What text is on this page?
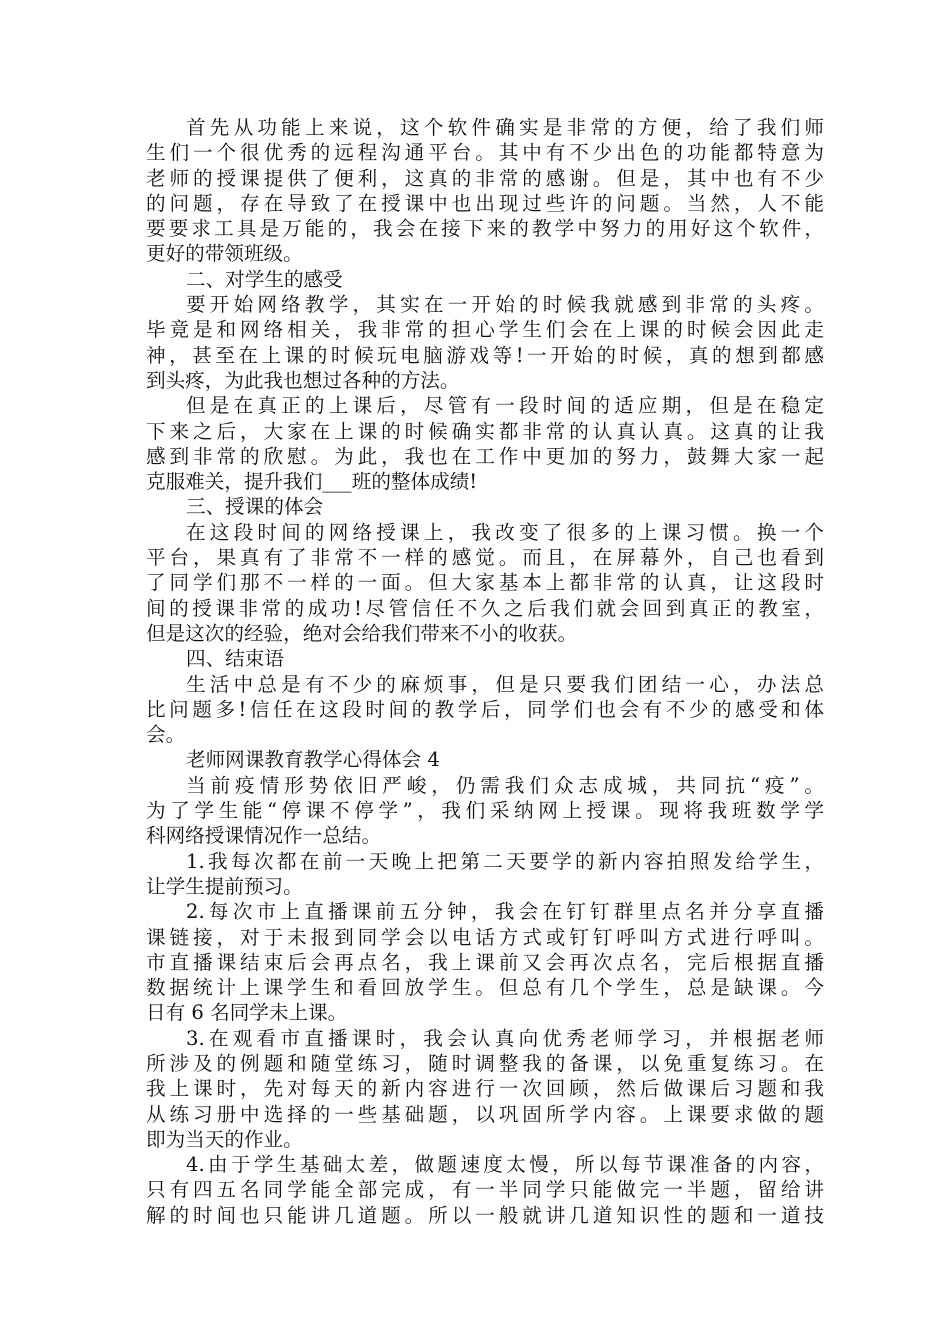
首先从功能上来说，这个软件确实是非常的方便，给了我们师
生们一个很优秀的远程沟通平台。其中有不少出色的功能都特意为
老师的授课提供了便利，这真的非常的感谢。但是，其中也有不少
的问题，存在导致了在授课中也出现过些许的问题。当然，人不能
要要求工具是万能的，我会在接下来的教学中努力的用好这个软件，
更好的带领班级。
二、对学生的感受
要开始网络教学，其实在一开始的时候我就感到非常的头疼。
毕竟是和网络相关，我非常的担心学生们会在上课的时候会因此走
神，甚至在上课的时候玩电脑游戏等!一开始的时候，真的想到都感
到头疼，为此我也想过各种的方法。
但是在真正的上课后，尽管有一段时间的适应期，但是在稳定
下来之后，大家在上课的时候确实都非常的认真认真。这真的让我
感到非常的欣慰。为此，我也在工作中更加的努力，鼓舞大家一起
克服难关，提升我们___班的整体成绩!
三、授课的体会
在这段时间的网络授课上，我改变了很多的上课习惯。换一个
平台，果真有了非常不一样的感觉。而且，在屏幕外，自己也看到
了同学们那不一样的一面。但大家基本上都非常的认真，让这段时
间的授课非常的成功!尽管信任不久之后我们就会回到真正的教室，
但是这次的经验，绝对会给我们带来不小的收获。
四、结束语
生活中总是有不少的麻烦事，但是只要我们团结一心，办法总
比问题多!信任在这段时间的教学后，同学们也会有不少的感受和体
会。
老师网课教育教学心得体会 4
当前疫情形势依旧严峻，仍需我们众志成城，共同抗“疫”。
为了学生能“停课不停学”，我们采纳网上授课。现将我班数学学
科网络授课情况作一总结。
1.我每次都在前一天晚上把第二天要学的新内容拍照发给学生，
让学生提前预习。
2.每次市上直播课前五分钟，我会在钉钉群里点名并分享直播
课链接，对于未报到同学会以电话方式或钉钉呼叫方式进行呼叫。
市直播课结束后会再点名，我上课前又会再次点名，完后根据直播
数据统计上课学生和看回放学生。但总有几个学生，总是缺课。今
日有 6 名同学未上课。
3.在观看市直播课时，我会认真向优秀老师学习，并根据老师
所涉及的例题和随堂练习，随时调整我的备课，以免重复练习。在
我上课时，先对每天的新内容进行一次回顾，然后做课后习题和我
从练习册中选择的一些基础题，以巩固所学内容。上课要求做的题
即为当天的作业。
4.由于学生基础太差，做题速度太慢，所以每节课准备的内容，
只有四五名同学能全部完成，有一半同学只能做完一半题，留给讲
解的时间也只能讲几道题。所以一般就讲几道知识性的题和一道技
